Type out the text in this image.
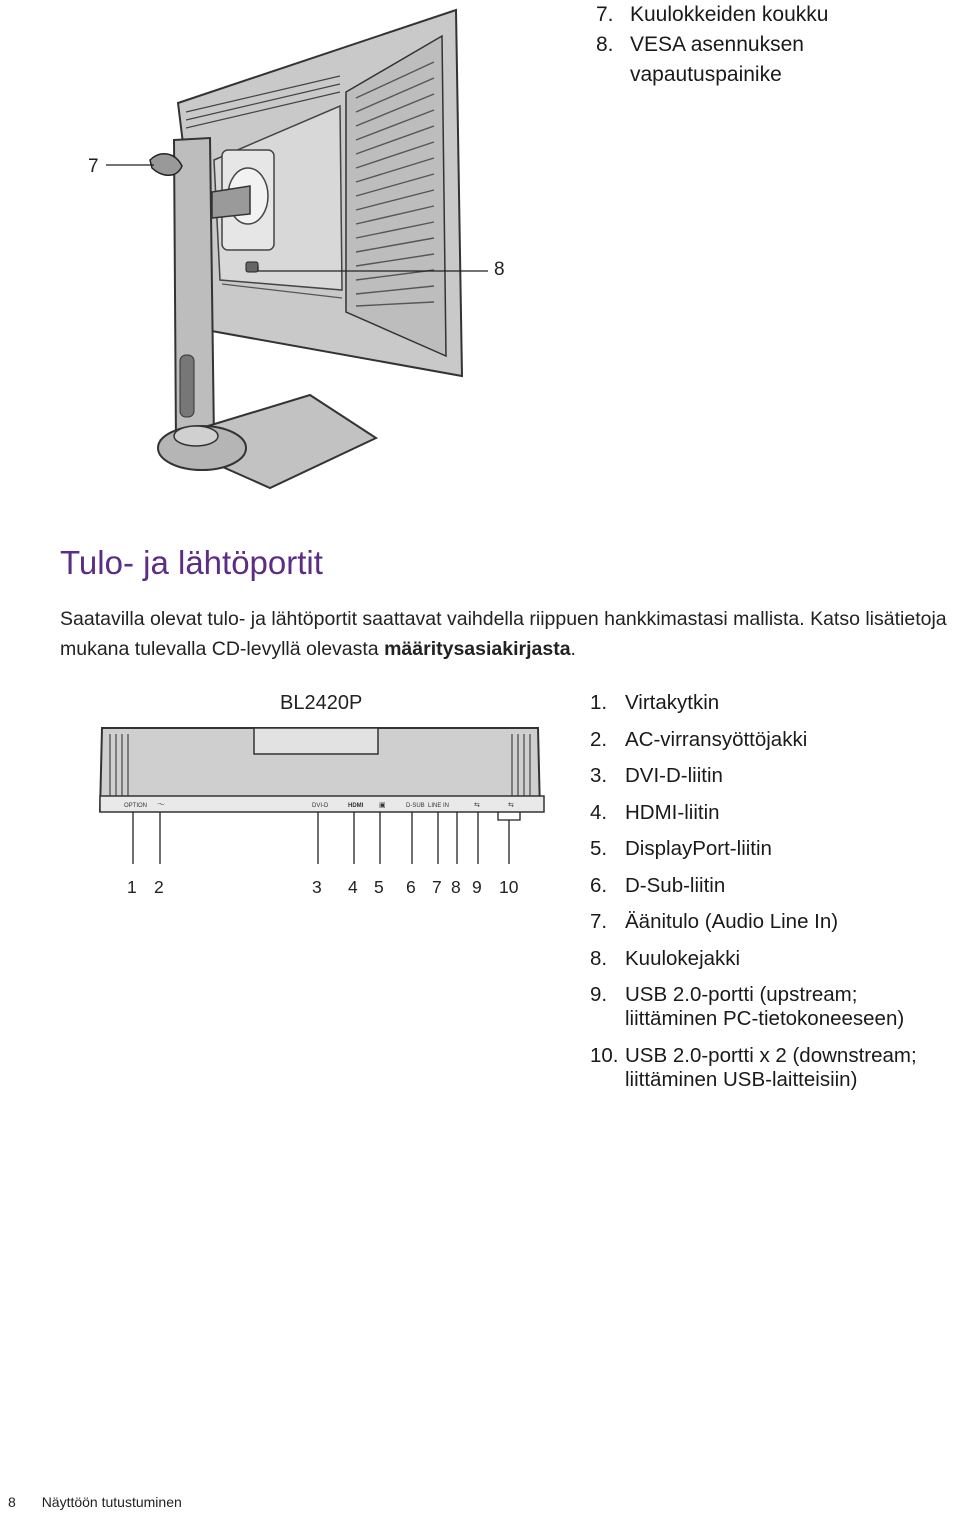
7. Kuulokkeiden koukku
8. VESA asennuksen
vapautuspainike
7
8
Tulo- ja lähtöportit
Saatavilla olevat tulo- ja lähtöportit saattavat vaihdella riippuen hankkimastasi mallista. Katso lisätietoja mukana tulevalla CD-levyllä olevasta määritysasiakirjasta.
BL2420P
OPTION 〜	DVI-D	HDMI ▣	D-SUB LINE IN	⇆	⇆
1 2	3 4 5 6 7 8 9 10
1. Virtakytkin
2. AC-virransyöttöjakki
3. DVI-D-liitin
4. HDMI-liitin
5. DisplayPort-liitin
6. D-Sub-liitin
7. Äänitulo (Audio Line In)
8. Kuulokejakki
9. USB 2.0-portti (upstream;
liittäminen PC-tietokoneeseen)
10. USB 2.0-portti x 2 (downstream;
liittäminen USB-laitteisiin)
8 Näyttöön tutustuminen
